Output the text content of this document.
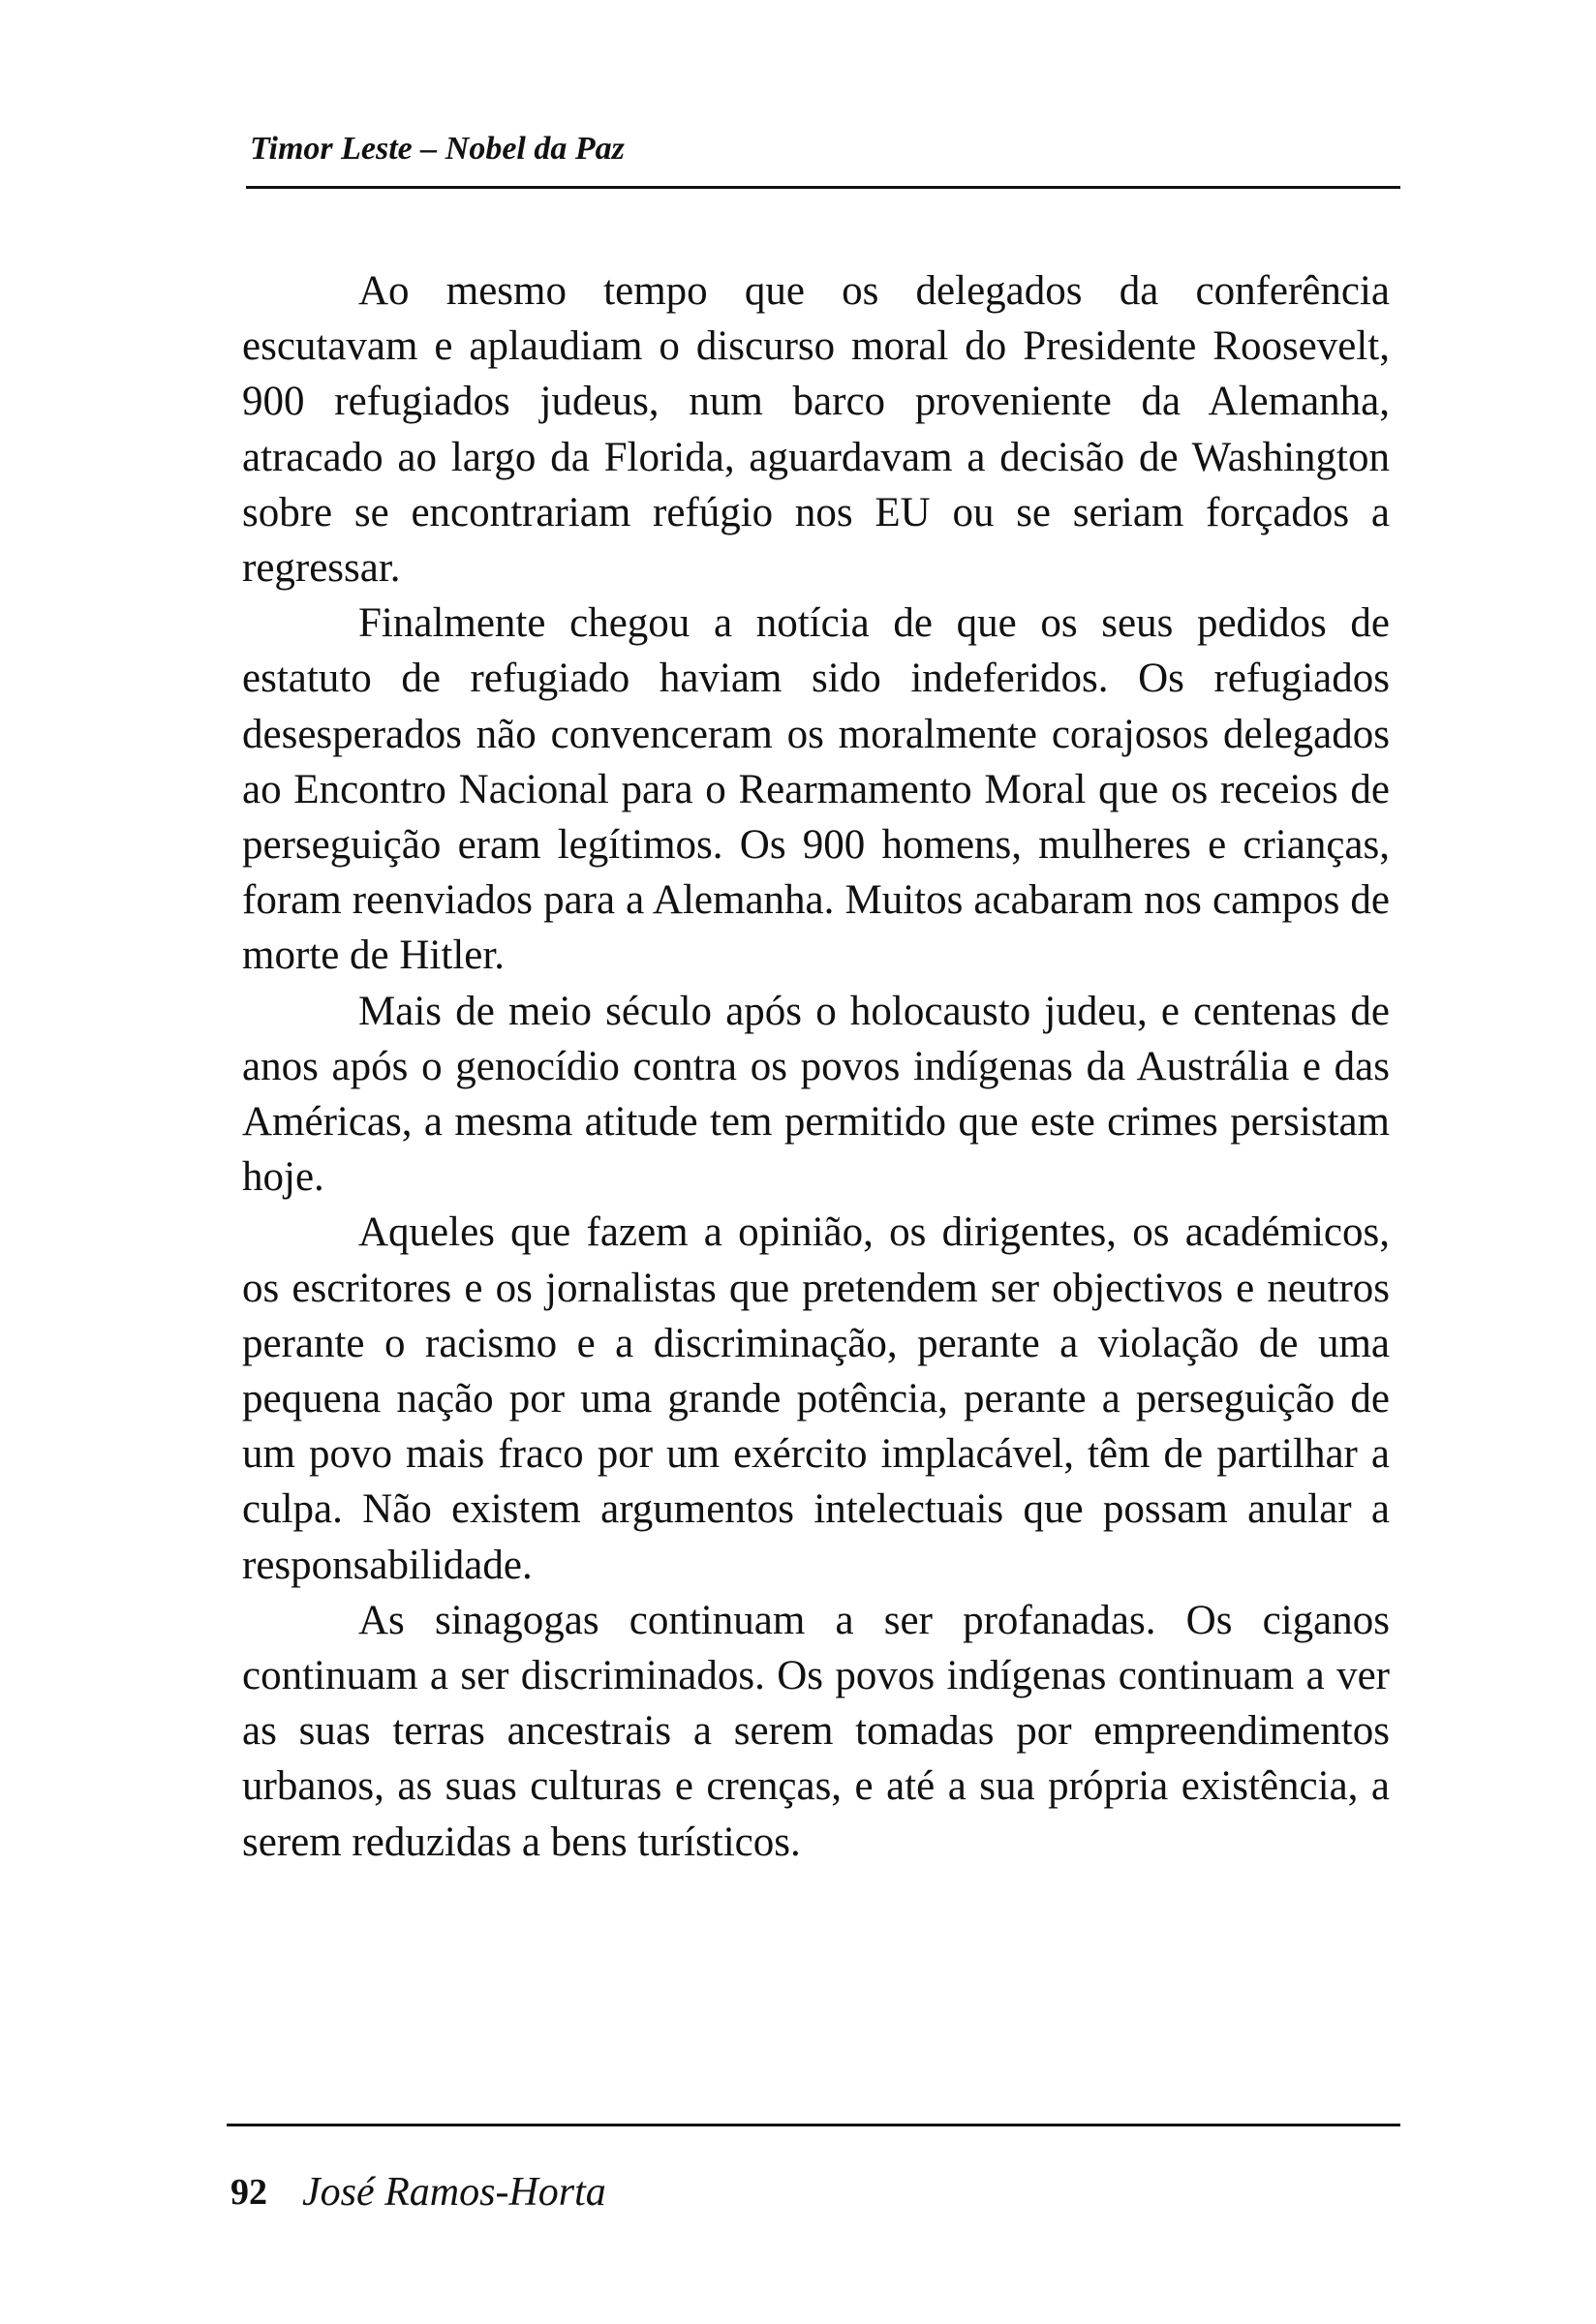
Timor Leste – Nobel da Paz

Ao mesmo tempo que os delegados da conferência escutavam e aplaudiam o discurso moral do Presidente Roosevelt, 900 refugiados judeus, num barco proveniente da Alemanha, atracado ao largo da Florida, aguardavam a decisão de Washington sobre se encontrariam refúgio nos EU ou se seriam forçados a regressar.

Finalmente chegou a notícia de que os seus pedidos de estatuto de refugiado haviam sido indeferidos. Os refugiados desesperados não convenceram os moralmente corajosos delegados ao Encontro Nacional para o Rearmamento Moral que os receios de perseguição eram legítimos. Os 900 homens, mulheres e crianças, foram reenviados para a Alemanha. Muitos acabaram nos campos de morte de Hitler.

Mais de meio século após o holocausto judeu, e centenas de anos após o genocídio contra os povos indígenas da Austrália e das Américas, a mesma atitude tem permitido que este crimes persistam hoje.

Aqueles que fazem a opinião, os dirigentes, os académicos, os escritores e os jornalistas que pretendem ser objectivos e neutros perante o racismo e a discriminação, perante a violação de uma pequena nação por uma grande potência, perante a perseguição de um povo mais fraco por um exército implacável, têm de partilhar a culpa. Não existem argumentos intelectuais que possam anular a responsabilidade.

As sinagogas continuam a ser profanadas. Os ciganos continuam a ser discriminados. Os povos indígenas continuam a ver as suas terras ancestrais a serem tomadas por empreendimentos urbanos, as suas culturas e crenças, e até a sua própria existência, a serem reduzidas a bens turísticos.

92 José Ramos-Horta
